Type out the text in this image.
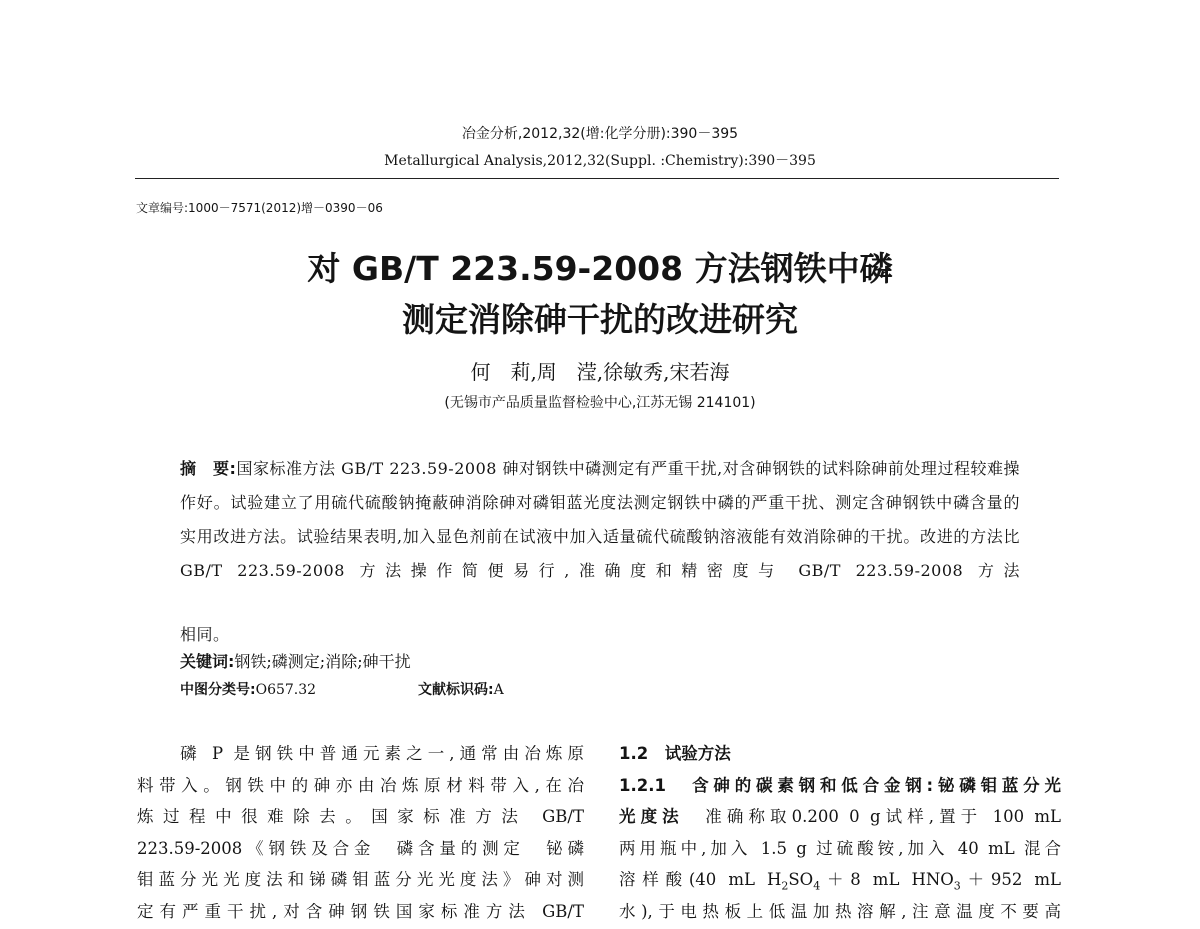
冶金分析,2012,32(增:化学分册):390－395
Metallurgical Analysis,2012,32(Suppl. :Chemistry):390－395
文章编号:1000－7571(2012)增－0390－06
对 GB/T 223.59-2008 方法钢铁中磷
测定消除砷干扰的改进研究
何　莉,周　滢,徐敏秀,宋若海
(无锡市产品质量监督检验中心,江苏无锡 214101)
摘　要:国家标准方法 GB/T 223.59-2008 砷对钢铁中磷测定有严重干扰,对含砷钢铁的试料除砷前处理过程较难操作好。试验建立了用硫代硫酸钠掩蔽砷消除砷对磷钼蓝光度法测定钢铁中磷的严重干扰、测定含砷钢铁中磷含量的实用改进方法。试验结果表明,加入显色剂前在试液中加入适量硫代硫酸钠溶液能有效消除砷的干扰。改进的方法比 GB/T 223.59-2008 方法操作简便易行,准确度和精密度与 GB/T 223.59-2008 方法
相同。
关键词:钢铁;磷测定;消除;砷干扰
中图分类号:O657.32	文献标识码:A
　　磷 P 是钢铁中普通元素之一,通常由冶炼原
料带入。钢铁中的砷亦由冶炼原材料带入,在冶
炼过程中很难除去。国家标准方法 GB/T
223.59-2008《钢铁及合金　磷含量的测定　铋磷
钼蓝分光光度法和锑磷钼蓝分光光度法》砷对测
定有严重干扰,对含砷钢铁国家标准方法 GB/T
1.2　试验方法
1.2.1　含砷的碳素钢和低合金钢:铋磷钼蓝分光
光度法　准确称取0.200 0 g试样,置于 100 mL
两用瓶中,加入 1.5 g 过硫酸铵,加入 40 mL 混合
溶样酸(40 mL $H_2SO_4+8$ mL $HNO_3+952$ mL
水),于电热板上低温加热溶解,注意温度不要高
